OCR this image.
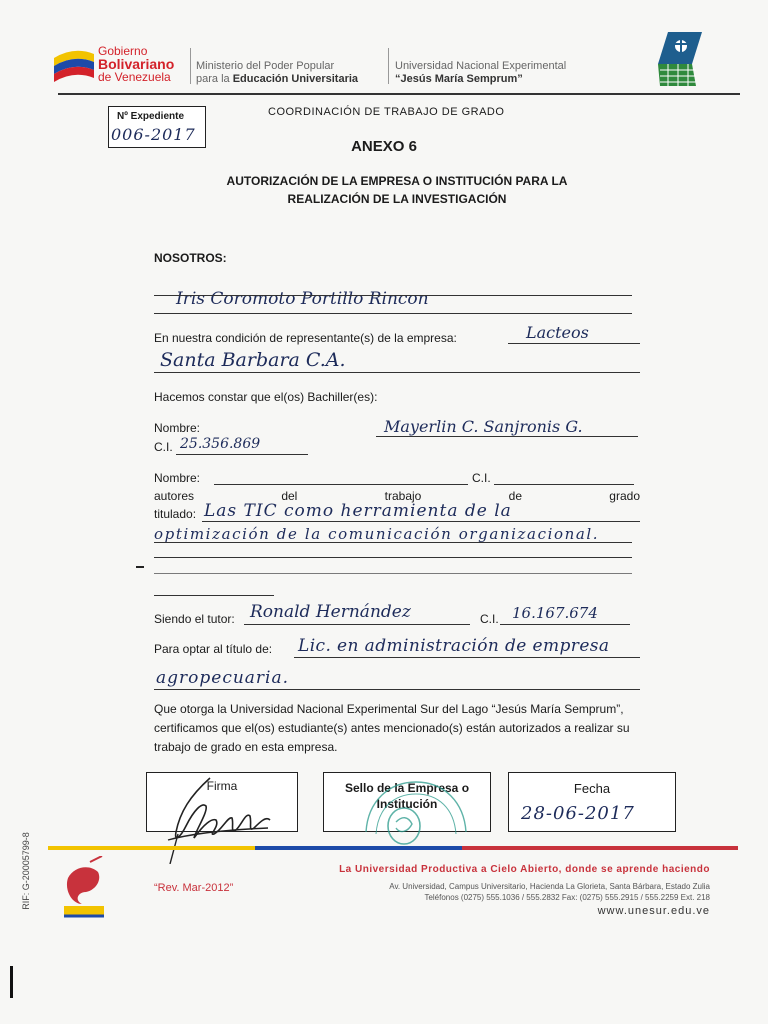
Gobierno
Bolivariano
de Venezuela
Ministerio del Poder Popular
para la Educación Universitaria
Universidad Nacional Experimental
“Jesús María Semprum”
Nº Expediente
006-2017
COORDINACIÓN DE TRABAJO DE GRADO
ANEXO 6
AUTORIZACIÓN DE LA EMPRESA O INSTITUCIÓN PARA LA
REALIZACIÓN DE LA INVESTIGACIÓN
NOSOTROS:
Iris Coromoto Portillo Rincon
En nuestra condición de representante(s) de la empresa:	Lacteos
Santa Barbara C.A.
Hacemos constar que el(os) Bachiller(es):
Nombre:	Mayerlin C. Sanjronis G.
C.I. 25.356.869
Nombre:	C.I.
autores	del	trabajo	de	grado
titulado: Las TIC como herramienta de la
optimización de la comunicación organizacional.
Siendo el tutor: Ronald Hernández	C.I. 16.167.674
Para optar al título de: Lic. en administración de empresa
agropecuaria.
Que otorga la Universidad Nacional Experimental Sur del Lago “Jesús María Semprum”, certificamos que el(os) estudiante(s) antes mencionado(s) están autorizados a realizar su trabajo de grado en esta empresa.
Firma	Sello de la Empresa o
Institución
Fecha
28-06-2017
RIF: G-20005799-8	“Rev. Mar-2012”
La Universidad Productiva a Cielo Abierto, donde se aprende haciendo
Av. Universidad, Campus Universitario, Hacienda La Glorieta, Santa Bárbara, Estado Zulia
Teléfonos (0275) 555.1036 / 555.2832 Fax: (0275) 555.2915 / 555.2259 Ext. 218
www.unesur.edu.ve
